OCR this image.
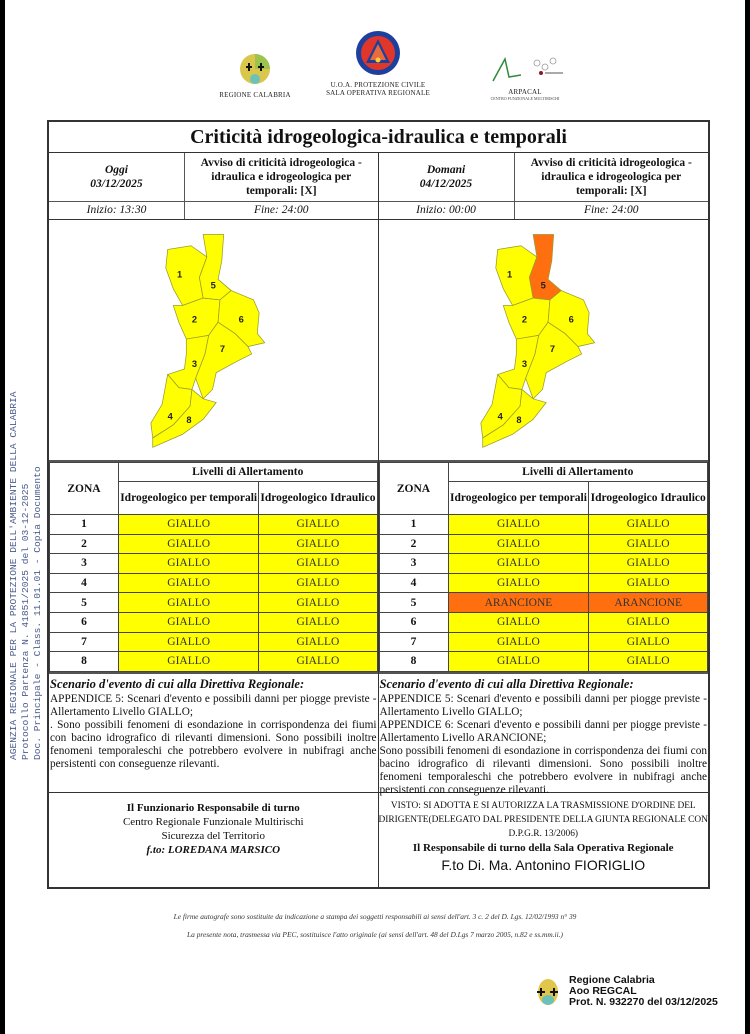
REGIONE CALABRIA
U.O.A. PROTEZIONE CIVILE
SALA OPERATIVA REGIONALE	ARPACAL
CENTRO FUNZIONALE MULTIRISCHI
AGENZIA REGIONALE PER LA PROTEZIONE DELL'AMBIENTE DELLA CALABRIA Protocollo Partenza N. 41851/2025 del 03-12-2025 Doc. Principale - Class. 11.01.01 - Copia Documento
Criticità idrogeologica-idraulica e temporali
Oggi
03/12/2025
Avviso di criticità idrogeologica - idraulica e idrogeologica per temporali: [X]
Inizio: 13:30	Fine: 24:00
1
2
3
4
5
6
7
8
ZONA	Livelli di Allertamento	
	Idrogeologico per temporali	Idrogeologico Idraulico
1	GIALLO	GIALLO
2	GIALLO	GIALLO
3	GIALLO	GIALLO
4	GIALLO	GIALLO
5	GIALLO	GIALLO
6	GIALLO	GIALLO
7	GIALLO	GIALLO
8	GIALLO	GIALLO
Scenario d'evento di cui alla Direttiva Regionale:
APPENDICE 5: Scenari d'evento e possibili danni per piogge previste - Allertamento Livello GIALLO;
. Sono possibili fenomeni di esondazione in corrispondenza dei fiumi con bacino idrografico di rilevanti dimensioni. Sono possibili inoltre fenomeni temporaleschi che potrebbero evolvere in nubifragi anche persistenti con conseguenze rilevanti.
Il Funzionario Responsabile di turno
Centro Regionale Funzionale Multirischi
Sicurezza del Territorio
f.to: LOREDANA MARSICO
Domani
04/12/2025
Avviso di criticità idrogeologica - idraulica e idrogeologica per temporali: [X]
Inizio: 00:00	Fine: 24:00
1
2
3
4
5
6
7
8
ZONA	Livelli di Allertamento	
	Idrogeologico per temporali	Idrogeologico Idraulico
1	GIALLO	GIALLO
2	GIALLO	GIALLO
3	GIALLO	GIALLO
4	GIALLO	GIALLO
5	ARANCIONE	ARANCIONE
6	GIALLO	GIALLO
7	GIALLO	GIALLO
8	GIALLO	GIALLO
Scenario d'evento di cui alla Direttiva Regionale:
APPENDICE 5: Scenari d'evento e possibili danni per piogge previste - Allertamento Livello GIALLO;
APPENDICE 6: Scenari d'evento e possibili danni per piogge previste - Allertamento Livello ARANCIONE;
Sono possibili fenomeni di esondazione in corrispondenza dei fiumi con bacino idrografico di rilevanti dimensioni. Sono possibili inoltre fenomeni temporaleschi che potrebbero evolvere in nubifragi anche persistenti con conseguenze rilevanti.
VISTO: SI ADOTTA E SI AUTORIZZA LA TRASMISSIONE D'ORDINE DEL DIRIGENTE(DELEGATO DAL PRESIDENTE DELLA GIUNTA REGIONALE CON D.P.G.R. 13/2006)
Il Responsabile di turno della Sala Operativa Regionale
F.to Di. Ma. Antonino FIORIGLIO
Le firme autografe sono sostituite da indicazione a stampa dei soggetti responsabili ai sensi dell'art. 3 c. 2 del D. Lgs. 12/02/1993 n° 39
La presente nota, trasmessa via PEC, sostituisce l'atto originale (ai sensi dell'art. 48 del D.Lgs 7 marzo 2005, n.82 e ss.mm.ii.)
Regione Calabria
Aoo REGCAL
Prot. N. 932270 del 03/12/2025
